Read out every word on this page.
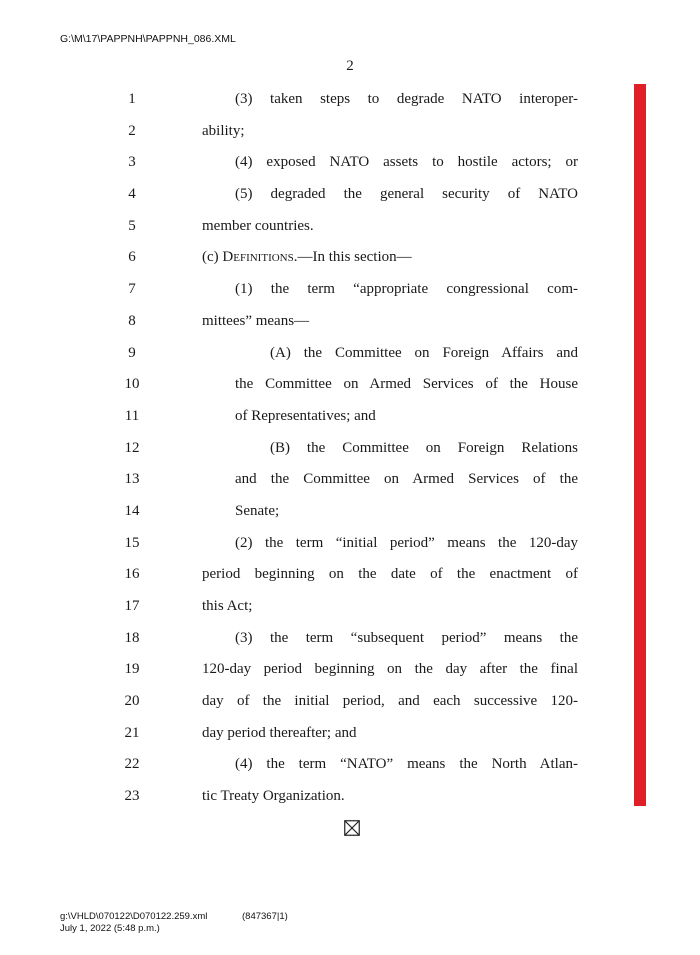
G:\M\17\PAPPNH\PAPPNH_086.XML
2
1	(3) taken steps to degrade NATO interoper-
2	ability;
3	(4) exposed NATO assets to hostile actors; or
4	(5) degraded the general security of NATO
5	member countries.
6	(c) Definitions.—In this section—
7	(1) the term “appropriate congressional com-
8	mittees” means—
9	(A) the Committee on Foreign Affairs and
10	the Committee on Armed Services of the House
11	of Representatives; and
12	(B) the Committee on Foreign Relations
13	and the Committee on Armed Services of the
14	Senate;
15	(2) the term “initial period” means the 120-day
16	period beginning on the date of the enactment of
17	this Act;
18	(3) the term “subsequent period” means the
19	120-day period beginning on the day after the final
20	day of the initial period, and each successive 120-
21	day period thereafter; and
22	(4) the term “NATO” means the North Atlan-
23	tic Treaty Organization.
g:\VHLD\070122\D070122.259.xml
July 1, 2022 (5:48 p.m.)
(847367|1)
